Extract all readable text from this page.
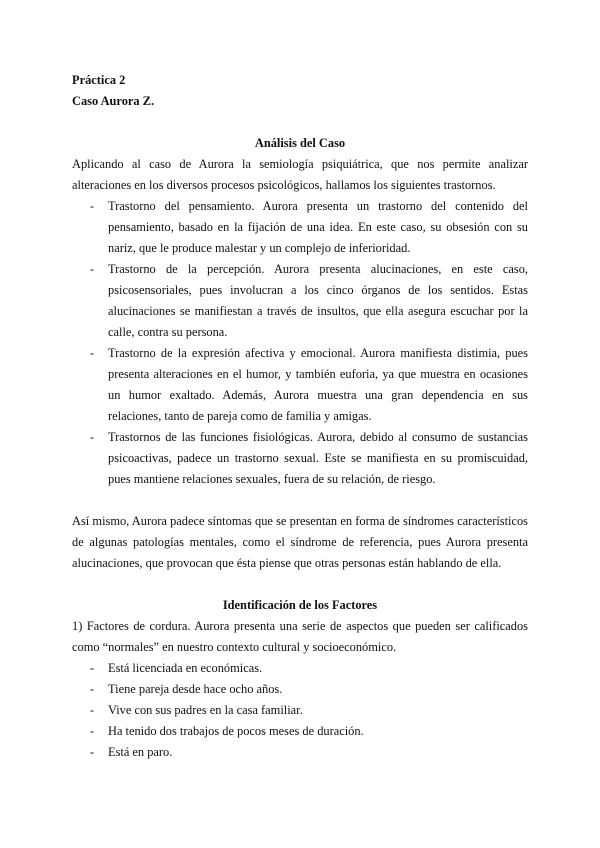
Práctica 2
Caso Aurora Z.

Análisis del Caso

Aplicando al caso de Aurora la semiología psiquiátrica, que nos permite analizar alteraciones en los diversos procesos psicológicos, hallamos los siguientes trastornos.

- Trastorno del pensamiento. Aurora presenta un trastorno del contenido del pensamiento, basado en la fijación de una idea. En este caso, su obsesión con su nariz, que le produce malestar y un complejo de inferioridad.
- Trastorno de la percepción. Aurora presenta alucinaciones, en este caso, psicosensoriales, pues involucran a los cinco órganos de los sentidos. Estas alucinaciones se manifiestan a través de insultos, que ella asegura escuchar por la calle, contra su persona.
- Trastorno de la expresión afectiva y emocional. Aurora manifiesta distimia, pues presenta alteraciones en el humor, y también euforia, ya que muestra en ocasiones un humor exaltado. Además, Aurora muestra una gran dependencia en sus relaciones, tanto de pareja como de familia y amigas.
- Trastornos de las funciones fisiológicas. Aurora, debido al consumo de sustancias psicoactivas, padece un trastorno sexual. Este se manifiesta en su promiscuidad, pues mantiene relaciones sexuales, fuera de su relación, de riesgo.

Así mismo, Aurora padece síntomas que se presentan en forma de síndromes característicos de algunas patologías mentales, como el síndrome de referencia, pues Aurora presenta alucinaciones, que provocan que ésta piense que otras personas están hablando de ella.

Identificación de los Factores

1) Factores de cordura. Aurora presenta una serie de aspectos que pueden ser calificados como “normales” en nuestro contexto cultural y socioeconómico.

- Está licenciada en económicas.
- Tiene pareja desde hace ocho años.
- Vive con sus padres en la casa familiar.
- Ha tenido dos trabajos de pocos meses de duración.
- Está en paro.
